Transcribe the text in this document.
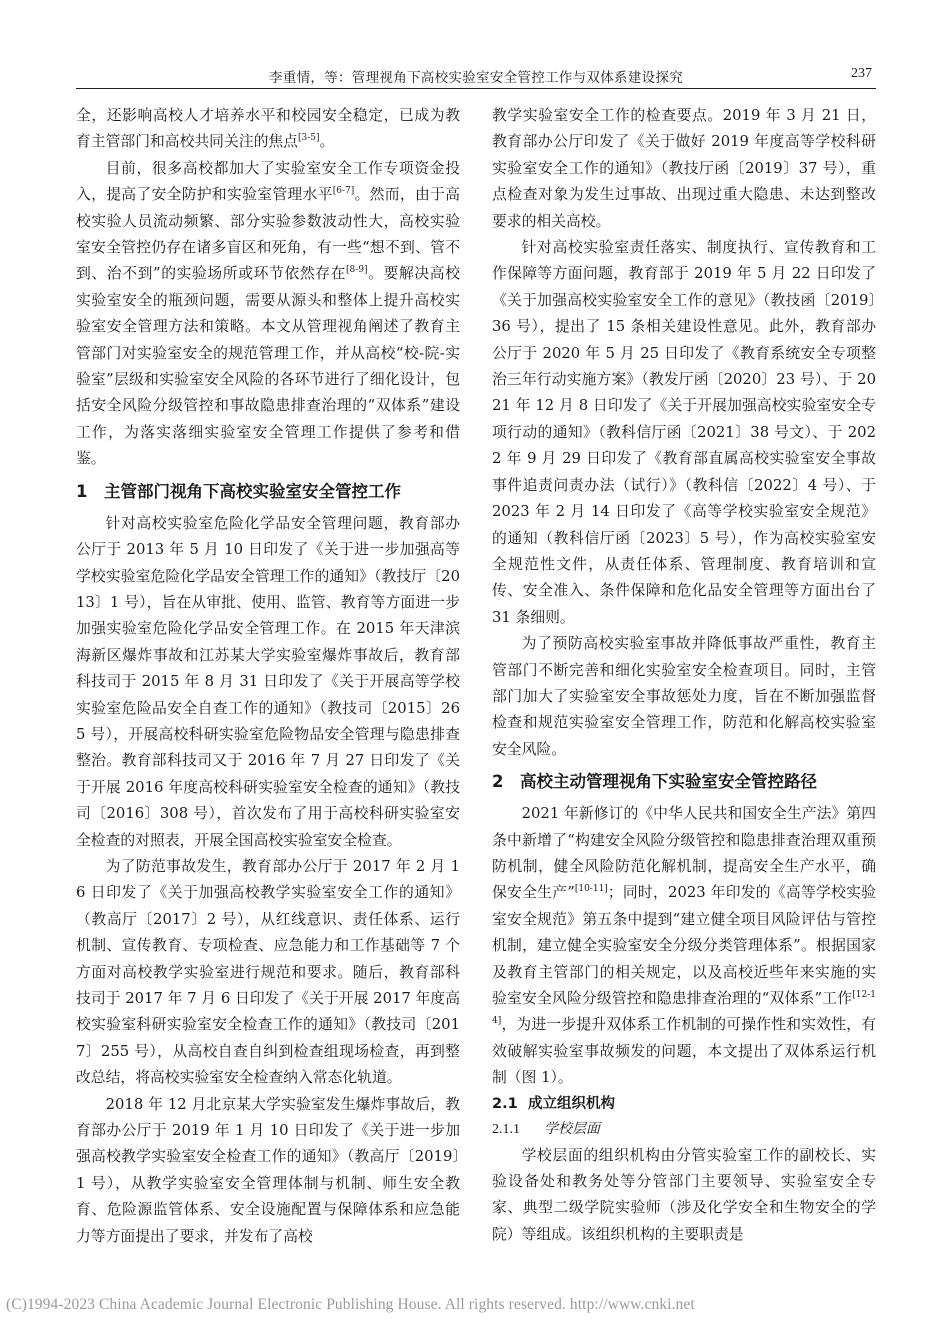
李重情，等：管理视角下高校实验室安全管控工作与双体系建设探究	237

全，还影响高校人才培养水平和校园安全稳定，已成为教育主管部门和高校共同关注的焦点[3-5]。

目前，很多高校都加大了实验室安全工作专项资金投入，提高了安全防护和实验室管理水平[6-7]。然而，由于高校实验人员流动频繁、部分实验参数波动性大，高校实验室安全管控仍存在诸多盲区和死角，有一些“想不到、管不到、治不到”的实验场所或环节依然存在[8-9]。要解决高校实验室安全的瓶颈问题，需要从源头和整体上提升高校实验室安全管理方法和策略。本文从管理视角阐述了教育主管部门对实验室安全的规范管理工作，并从高校“校-院-实验室”层级和实验室安全风险的各环节进行了细化设计，包括安全风险分级管控和事故隐患排查治理的“双体系”建设工作，为落实落细实验室安全管理工作提供了参考和借鉴。

1 主管部门视角下高校实验室安全管控工作

针对高校实验室危险化学品安全管理问题，教育部办公厅于 2013 年 5 月 10 日印发了《关于进一步加强高等学校实验室危险化学品安全管理工作的通知》（教技厅〔2013〕1 号），旨在从审批、使用、监管、教育等方面进一步加强实验室危险化学品安全管理工作。在 2015 年天津滨海新区爆炸事故和江苏某大学实验室爆炸事故后，教育部科技司于 2015 年 8 月 31 日印发了《关于开展高等学校实验室危险品安全自查工作的通知》（教技司〔2015〕265 号），开展高校科研实验室危险物品安全管理与隐患排查整治。教育部科技司又于 2016 年 7 月 27 日印发了《关于开展 2016 年度高校科研实验室安全检查的通知》（教技司〔2016〕308 号），首次发布了用于高校科研实验室安全检查的对照表，开展全国高校实验室安全检查。

为了防范事故发生，教育部办公厅于 2017 年 2 月 16 日印发了《关于加强高校教学实验室安全工作的通知》（教高厅〔2017〕2 号），从红线意识、责任体系、运行机制、宣传教育、专项检查、应急能力和工作基础等 7 个方面对高校教学实验室进行规范和要求。随后，教育部科技司于 2017 年 7 月 6 日印发了《关于开展 2017 年度高校实验室科研实验室安全检查工作的通知》（教技司〔2017〕255 号），从高校自查自纠到检查组现场检查，再到整改总结，将高校实验室安全检查纳入常态化轨道。

2018 年 12 月北京某大学实验室发生爆炸事故后，教育部办公厅于 2019 年 1 月 10 日印发了《关于进一步加强高校教学实验室安全检查工作的通知》（教高厅〔2019〕1 号），从教学实验室安全管理体制与机制、师生安全教育、危险源监管体系、安全设施配置与保障体系和应急能力等方面提出了要求，并发布了高校

教学实验室安全工作的检查要点。2019 年 3 月 21 日，教育部办公厅印发了《关于做好 2019 年度高等学校科研实验室安全工作的通知》（教技厅函〔2019〕37 号），重点检查对象为发生过事故、出现过重大隐患、未达到整改要求的相关高校。

针对高校实验室责任落实、制度执行、宣传教育和工作保障等方面问题，教育部于 2019 年 5 月 22 日印发了《关于加强高校实验室安全工作的意见》（教技函〔2019〕36 号），提出了 15 条相关建设性意见。此外，教育部办公厅于 2020 年 5 月 25 日印发了《教育系统安全专项整治三年行动实施方案》（教发厅函〔2020〕23 号）、于 2021 年 12 月 8 日印发了《关于开展加强高校实验室安全专项行动的通知》（教科信厅函〔2021〕38 号文）、于 2022 年 9 月 29 日印发了《教育部直属高校实验室安全事故事件追责问责办法（试行）》（教科信〔2022〕4 号）、于 2023 年 2 月 14 日印发了《高等学校实验室安全规范》的通知（教科信厅函〔2023〕5 号），作为高校实验室安全规范性文件，从责任体系、管理制度、教育培训和宣传、安全准入、条件保障和危化品安全管理等方面出台了 31 条细则。

为了预防高校实验室事故并降低事故严重性，教育主管部门不断完善和细化实验室安全检查项目。同时，主管部门加大了实验室安全事故惩处力度，旨在不断加强监督检查和规范实验室安全管理工作，防范和化解高校实验室安全风险。

2 高校主动管理视角下实验室安全管控路径

2021 年新修订的《中华人民共和国安全生产法》第四条中新增了“构建安全风险分级管控和隐患排查治理双重预防机制，健全风险防范化解机制，提高安全生产水平，确保安全生产”[10-11]；同时，2023 年印发的《高等学校实验室安全规范》第五条中提到“建立健全项目风险评估与管控机制，建立健全实验室安全分级分类管理体系”。根据国家及教育主管部门的相关规定，以及高校近些年来实施的实验室安全风险分级管控和隐患排查治理的“双体系”工作[12-14]，为进一步提升双体系工作机制的可操作性和实效性，有效破解实验室事故频发的问题，本文提出了双体系运行机制（图 1）。

2.1 成立组织机构
2.1.1 学校层面

学校层面的组织机构由分管实验室工作的副校长、实验设备处和教务处等分管部门主要领导、实验室安全专家、典型二级学院实验师（涉及化学安全和生物安全的学院）等组成。该组织机构的主要职责是

(C)1994-2023 China Academic Journal Electronic Publishing House. All rights reserved. http://www.cnki.net
